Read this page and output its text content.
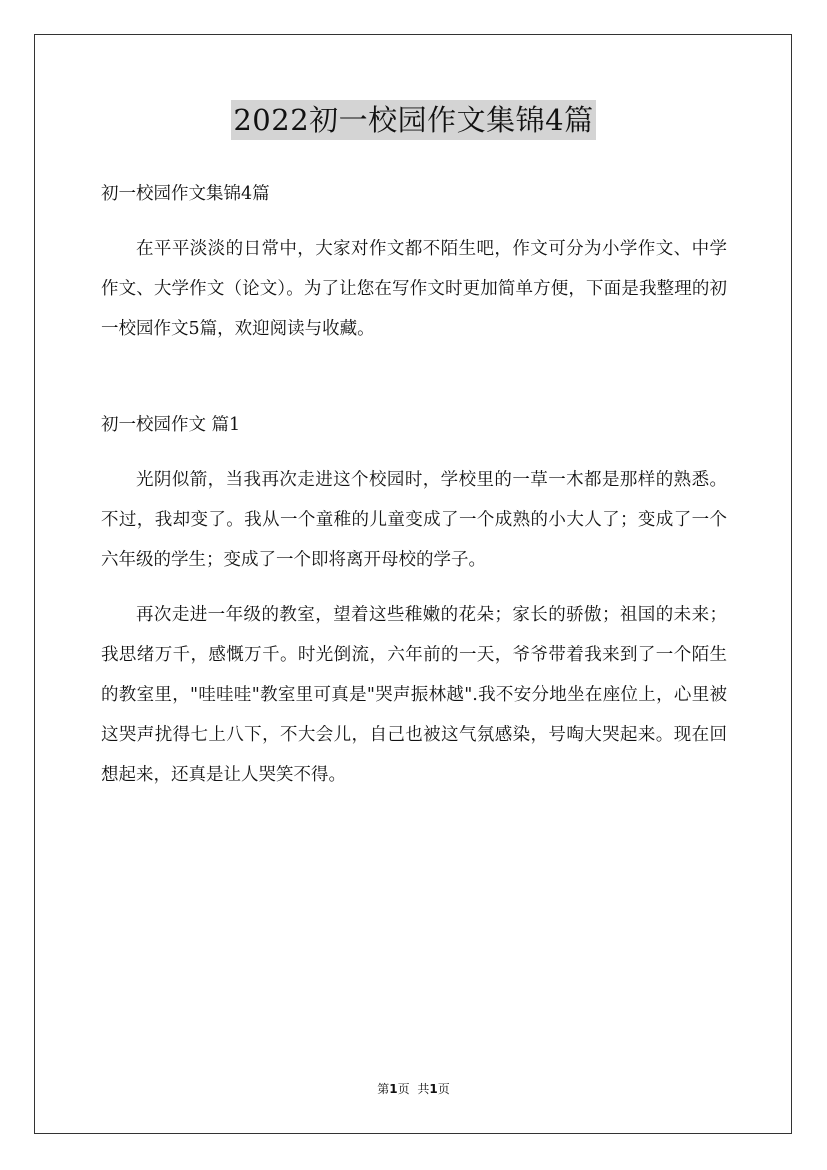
2022初一校园作文集锦4篇
初一校园作文集锦4篇
在平平淡淡的日常中，大家对作文都不陌生吧，作文可分为小学作文、中学作文、大学作文（论文）。为了让您在写作文时更加简单方便，下面是我整理的初一校园作文5篇，欢迎阅读与收藏。
初一校园作文 篇1
光阴似箭，当我再次走进这个校园时，学校里的一草一木都是那样的熟悉。不过，我却变了。我从一个童稚的儿童变成了一个成熟的小大人了；变成了一个六年级的学生；变成了一个即将离开母校的学子。
再次走进一年级的教室，望着这些稚嫩的花朵；家长的骄傲；祖国的未来；我思绪万千，感慨万千。时光倒流，六年前的一天，爷爷带着我来到了一个陌生的教室里，"哇哇哇"教室里可真是"哭声振林越".我不安分地坐在座位上，心里被这哭声扰得七上八下，不大会儿，自己也被这气氛感染，号啕大哭起来。现在回想起来，还真是让人哭笑不得。
第1页 共1页
